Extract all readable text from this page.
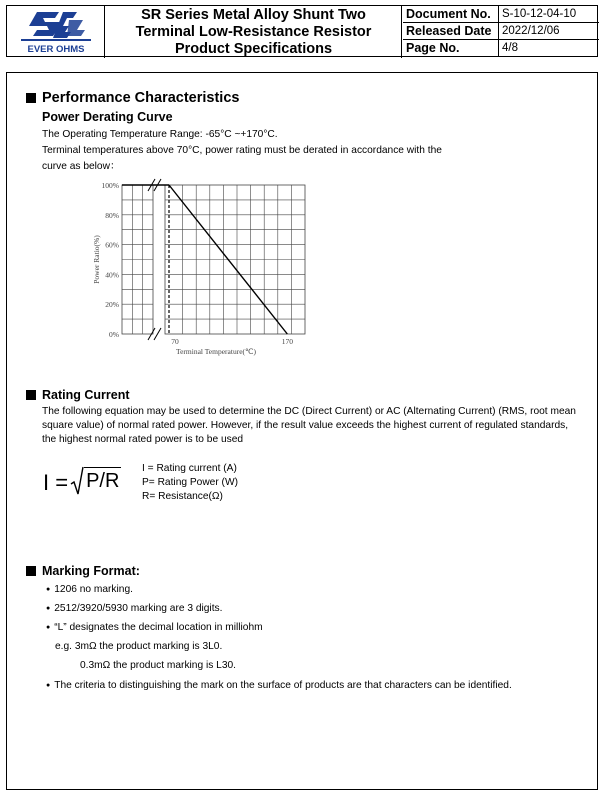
EVER OHMS
SR Series Metal Alloy Shunt Two
Terminal Low-Resistance Resistor
Product Specifications
Document No. S-10-12-04-10
Released Date 2022/12/06
Page No.	4/8
Performance Characteristics
Power Derating Curve
The Operating Temperature Range: -65°C ~+170°C.
Terminal temperatures above 70°C, power rating must be derated in accordance with the
curve as below：
100%
80%
60%
40%
20%
0%
70	170
Terminal Temperature(℃)
Power Ratio(%)
Rating Current
The following equation may be used to determine the DC (Direct Current) or AC (Alternating Current) (RMS, root mean
square value) of normal rated power. However, if the result value exceeds the highest current of regulated standards,
the highest normal rated power is to be used
I = P/R
I = Rating current (A)
P= Rating Power (W)
R= Resistance(Ω)
Marking Format:
● 1206 no marking.
● 2512/3920/5930 marking are 3 digits.
● “L” designates the decimal location in milliohm
e.g. 3mΩ the product marking is 3L0.
0.3mΩ the product marking is L30.
● The criteria to distinguishing the mark on the surface of products are that characters can be identified.
